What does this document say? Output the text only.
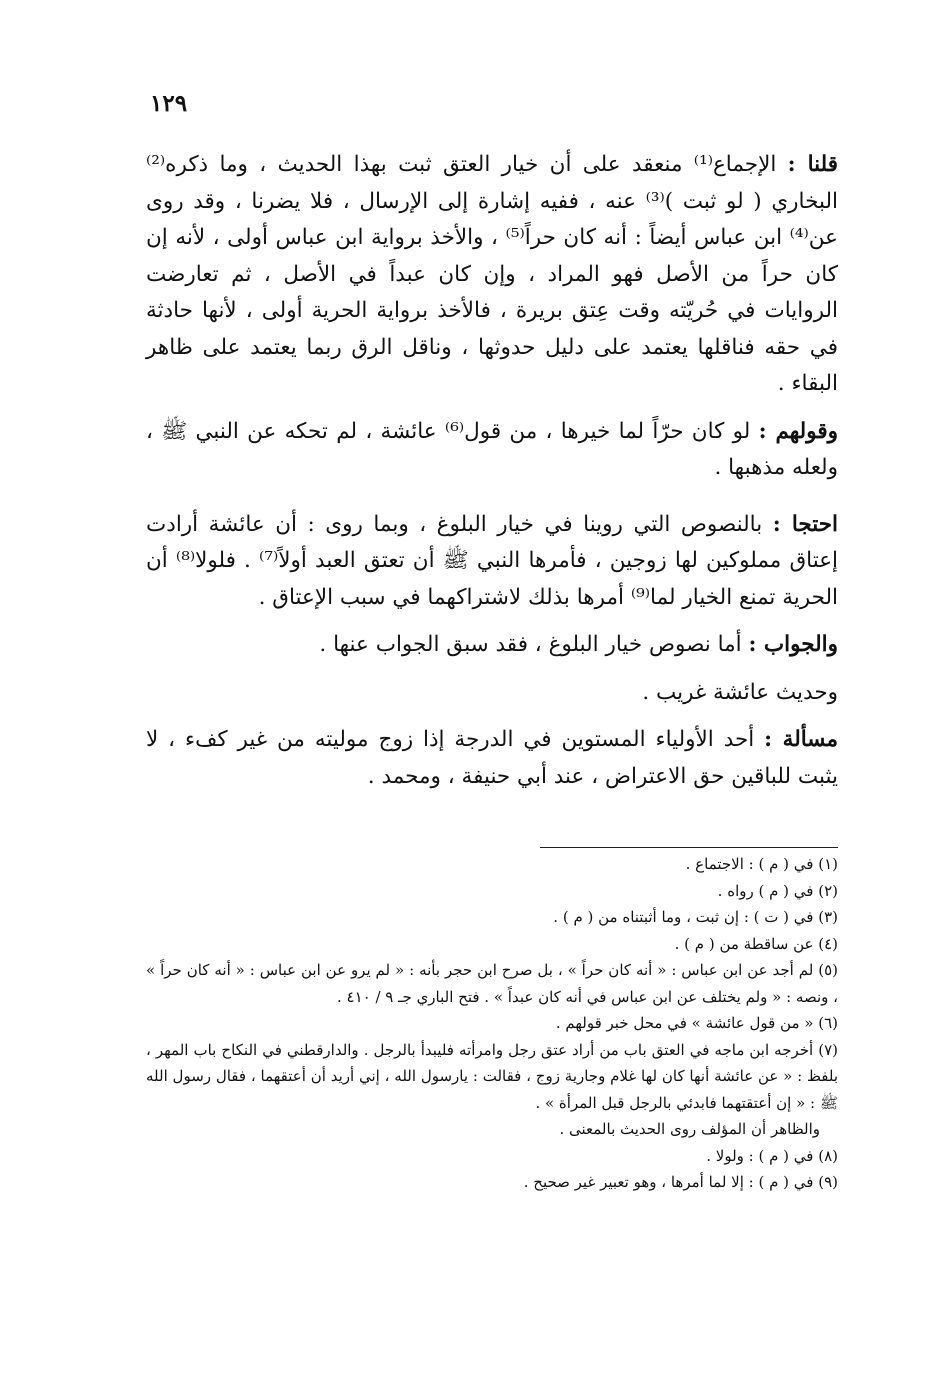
١٢٩

قلنا : الإجماع⁽¹⁾ منعقد على أن خيار العتق ثبت بهذا الحديث ، وما ذكره⁽²⁾ البخاري ( لو ثبت )⁽³⁾ عنه ، ففيه إشارة إلى الإرسال ، فلا يضرنا ، وقد روى عن⁽⁴⁾ ابن عباس أيضاً : أنه كان حراً⁽⁵⁾ ، والأخذ برواية ابن عباس أولى ، لأنه إن كان حراً من الأصل فهو المراد ، وإن كان عبداً في الأصل ، ثم تعارضت الروايات في حُريّته وقت عِتق بريرة ، فالأخذ برواية الحرية أولى ، لأنها حادثة في حقه فناقلها يعتمد على دليل حدوثها ، وناقل الرق ربما يعتمد على ظاهر البقاء .

وقولهم : لو كان حرّاً لما خيرها ، من قول⁽⁶⁾ عائشة ، لم تحكه عن النبي ﷺ ، ولعله مذهبها .

احتجا : بالنصوص التي روينا في خيار البلوغ ، وبما روى : أن عائشة أرادت إعتاق مملوكين لها زوجين ، فأمرها النبي ﷺ أن تعتق العبد أولاً⁽⁷⁾ . فلولا⁽⁸⁾ أن الحرية تمنع الخيار لما⁽⁹⁾ أمرها بذلك لاشتراكهما في سبب الإعتاق .

والجواب : أما نصوص خيار البلوغ ، فقد سبق الجواب عنها .

وحديث عائشة غريب .

مسألة : أحد الأولياء المستوين في الدرجة إذا زوج موليته من غير كفء ، لا يثبت للباقين حق الاعتراض ، عند أبي حنيفة ، ومحمد .

(١) في ( م ) : الاجتماع .

(٢) في ( م ) رواه .

(٣) في ( ت ) : إن ثبت ، وما أثبتناه من ( م ) .

(٤) عن ساقطة من ( م ) .

(٥) لم أجد عن ابن عباس : « أنه كان حراً » ، بل صرح ابن حجر بأنه : « لم يرو عن ابن عباس : « أنه كان حراً » ، ونصه : « ولم يختلف عن ابن عباس في أنه كان عبداً » . فتح الباري جـ ٩ / ٤١٠ .

(٦) « من قول عائشة » في محل خبر قولهم .

(٧) أخرجه ابن ماجه في العتق باب من أراد عتق رجل وامرأته فليبدأ بالرجل . والدارقطني في النكاح باب المهر ، بلفظ : « عن عائشة أنها كان لها غلام وجارية زوج ، فقالت : يارسول الله ، إني أريد أن أعتقهما ، فقال رسول الله ﷺ : « إن أعتقتهما فابدئي بالرجل قبل المرأة » .

والظاهر أن المؤلف روى الحديث بالمعنى .

(٨) في ( م ) : ولولا .

(٩) في ( م ) : إلا لما أمرها ، وهو تعبير غير صحيح .
